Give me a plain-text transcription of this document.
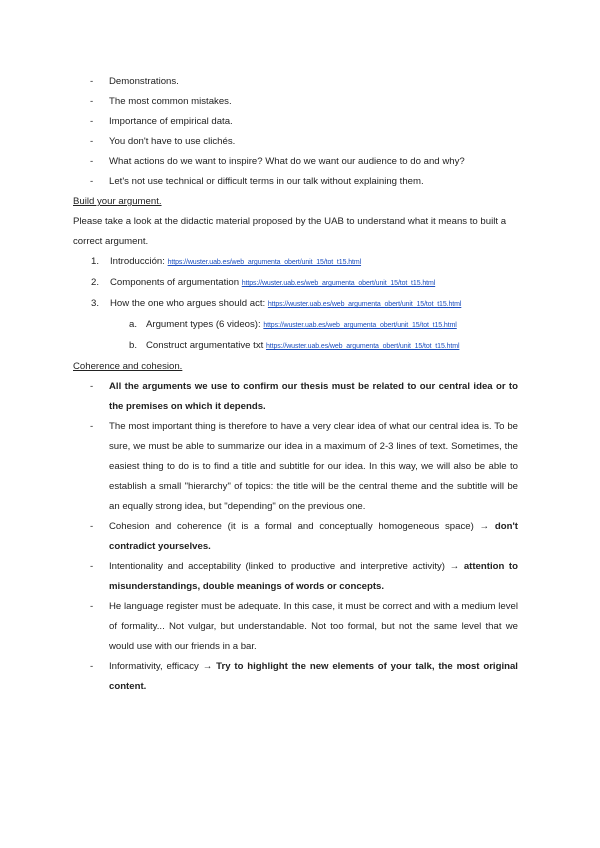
- Demonstrations.
- The most common mistakes.
- Importance of empirical data.
- You don't have to use clichés.
- What actions do we want to inspire? What do we want our audience to do and why?
- Let's not use technical or difficult terms in our talk without explaining them.
Build your argument.
Please take a look at the didactic material proposed by the UAB to understand what it means to built a correct argument.
1. Introducción: https://wuster.uab.es/web_argumenta_obert/unit_15/tot_t15.html
2. Components of argumentation https://wuster.uab.es/web_argumenta_obert/unit_15/tot_t15.html
3. How the one who argues should act: https://wuster.uab.es/web_argumenta_obert/unit_15/tot_t15.html
a. Argument types (6 videos): https://wuster.uab.es/web_argumenta_obert/unit_15/tot_t15.html
b. Construct argumentative txt https://wuster.uab.es/web_argumenta_obert/unit_15/tot_t15.html
Coherence and cohesion.
- All the arguments we use to confirm our thesis must be related to our central idea or to the premises on which it depends.
- The most important thing is therefore to have a very clear idea of what our central idea is. To be sure, we must be able to summarize our idea in a maximum of 2-3 lines of text. Sometimes, the easiest thing to do is to find a title and subtitle for our idea. In this way, we will also be able to establish a small "hierarchy" of topics: the title will be the central theme and the subtitle will be an equally strong idea, but "depending" on the previous one.
- Cohesion and coherence (it is a formal and conceptually homogeneous space) → don't contradict yourselves.
- Intentionality and acceptability (linked to productive and interpretive activity) → attention to misunderstandings, double meanings of words or concepts.
- He language register must be adequate. In this case, it must be correct and with a medium level of formality... Not vulgar, but understandable. Not too formal, but not the same level that we would use with our friends in a bar.
- Informativity, efficacy → Try to highlight the new elements of your talk, the most original content.
